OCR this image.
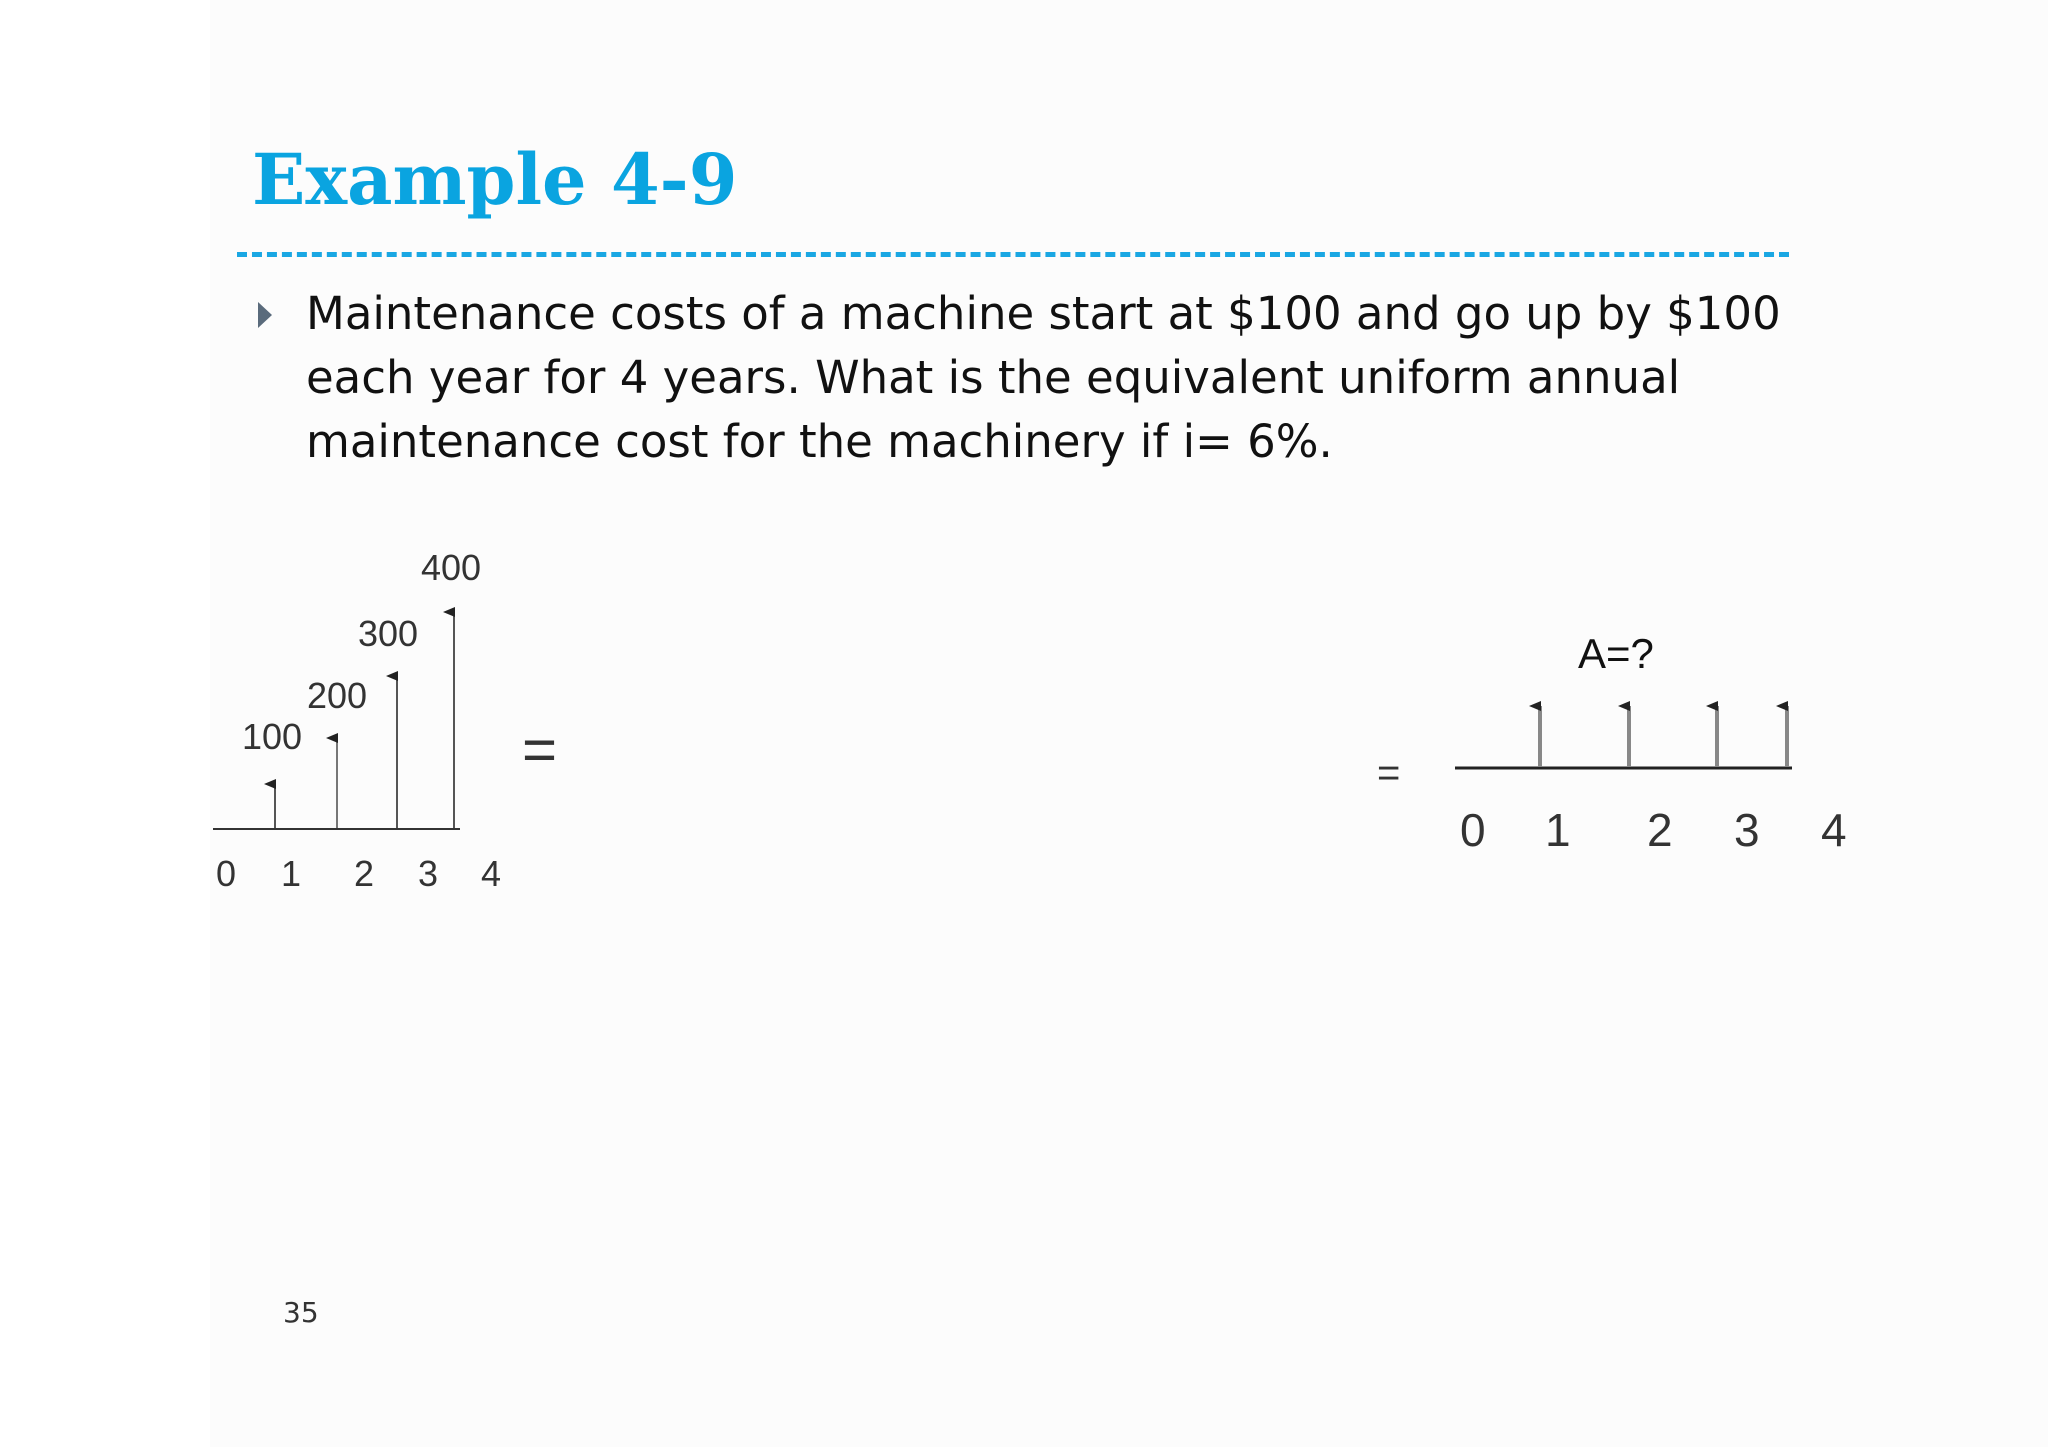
Example 4-9

Maintenance costs of a machine start at $100 and go up by $100 each year for 4 years. What is the equivalent uniform annual maintenance cost for the machinery if i= 6%.

100
200
300
400
0 1 2 3 4
=	=
A=?
0 1 2 3 4
35
